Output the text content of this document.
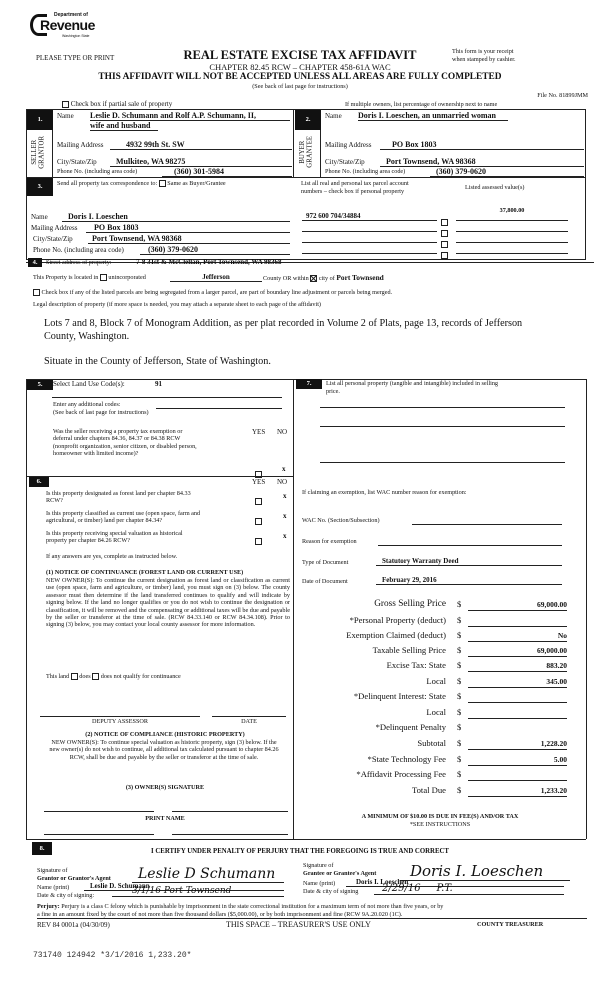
Department of
Revenue
Washington State
PLEASE TYPE OR PRINT	REAL ESTATE EXCISE TAX AFFIDAVIT
CHAPTER 82.45 RCW – CHAPTER 458-61A WAC
This form is your receipt
when stamped by cashier.
THIS AFFIDAVIT WILL NOT BE ACCEPTED UNLESS ALL AREAS ARE FULLY COMPLETED
(See back of last page for instructions)
File No. 81899JMM
Check box if partial sale of property	If multiple owners, list percentage of ownership next to name
1.
SELLER
GRANTOR
Name Leslie D. Schumann and Rolf A.P. Schumann, II,
wife and husband
Mailing Address	4932 99th St. SW
City/State/Zip	Mulkiteo, WA 98275
Phone No. (including area code)	(360) 301-5984
2.
BUYER
GRANTEE
Name Doris I. Loeschen, an unmarried woman
Mailing Address	PO Box 1803
City/State/Zip	Port Townsend, WA 98368
Phone No. (including area code)	(360) 379-0620
3.	Send all property tax correspondence to: Same as Buyer/Grantee
Name	Doris I. Loeschen
Mailing Address	PO Box 1803
City/State/Zip	Port Townsend, WA 98368
Phone No. (including area code)	(360) 379-0620
List all real and personal tax parcel account
numbers – check box if personal property
Listed assessed value(s)
972 600 704/34884
37,800.00
4.	Street address of property:	7-8 31st & McClellan, Port Townsend, WA 98368
This Property is located in unincorporated	Jefferson	County OR within city of Port Townsend
Check box if any of the listed parcels are being segregated from a larger parcel, are part of boundary line adjustment or parcels being merged.
Legal description of property (if more space is needed, you may attach a separate sheet to each page of the affidavit)
Lots 7 and 8, Block 7 of Monogram Addition, as per plat recorded in Volume 2 of Plats, page 13, records of Jefferson
County, Washington.
Situate in the County of Jefferson, State of Washington.
5.	Select Land Use Code(s):	91
Enter any additional codes:
(See back of last page for instructions)
Was the seller receiving a property tax exemption or
deferral under chapters 84.36, 84.37 or 84.38 RCW
(nonprofit organization, senior citizen, or disabled person,
homeowner with limited income)?
YES NO
x
6.	YES NO
Is this property designated as forest land per chapter 84.33
RCW?
x
Is this property classified as current use (open space, farm and
agricultural, or timber) land per chapter 84.34?
x
Is this property receiving special valuation as historical
property per chapter 84.26 RCW?
x
If any answers are yes, complete as instructed below.
(1) NOTICE OF CONTINUANCE (FOREST LAND OR CURRENT USE)
NEW OWNER(S): To continue the current designation as forest land or classification as current use (open space, farm and agriculture, or timber) land, you must sign on (3) below. The county assessor must then determine if the land transferred continues to qualify and will indicate by signing below. If the land no longer qualifies or you do not wish to continue the designation or classification, it will be removed and the compensating or additional taxes will be due and payable by the seller or transferor at the time of sale. (RCW 84.33.140 or RCW 84.34.108). Prior to signing (3) below, you may contact your local county assessor for more information.
This land does does not qualify for continuance
DEPUTY ASSESSOR	DATE
(2) NOTICE OF COMPLIANCE (HISTORIC PROPERTY)
NEW OWNER(S): To continue special valuation as historic property, sign (3) below. If the new owner(s) do not wish to continue, all additional tax calculated pursuant to chapter 84.26 RCW, shall be due and payable by the seller or transferor at the time of sale.
(3) OWNER(S) SIGNATURE
PRINT NAME
7.	List all personal property (tangible and intangible) included in selling
price.
If claiming an exemption, list WAC number reason for exemption:
WAC No. (Section/Subsection)
Reason for exemption
Type of Document	Statutory Warranty Deed
Date of Document	February 29, 2016
Gross Selling Price $	69,000.00
*Personal Property (deduct) $
Exemption Claimed (deduct) $	No
Taxable Selling Price $	69,000.00
Excise Tax: State $	883.20
Local $	345.00
*Delinquent Interest: State $
Local $
*Delinquent Penalty $
Subtotal $	1,228.20
*State Technology Fee $	5.00
*Affidavit Processing Fee $
Total Due $	1,233.20
A MINIMUM OF $10.00 IS DUE IN FEE(S) AND/OR TAX
*SEE INSTRUCTIONS
8.	I CERTIFY UNDER PENALTY OF PERJURY THAT THE FOREGOING IS TRUE AND CORRECT
Signature of
Grantor or Grantor's Agent	Leslie D Schumann
Name (print)	Leslie D. Schumann
Date & city of signing:	3/1/16 Port Townsend
Signature of
Grantee or Grantee's Agent	Doris I. Loeschen
Name (print)	Doris I. Loeschen
Date & city of signing	2/29/16     P.T.
Perjury: Perjury is a class C felony which is punishable by imprisonment in the state correctional institution for a maximum term of not more than five years, or by
a fine in an amount fixed by the court of not more than five thousand dollars ($5,000.00), or by both imprisonment and fine (RCW 9A.20.020 (1C).
REV 84 0001a (04/30/09)	THIS SPACE – TREASURER'S USE ONLY	COUNTY TREASURER
731740 124942 *3/1/2016 1,233.20*
